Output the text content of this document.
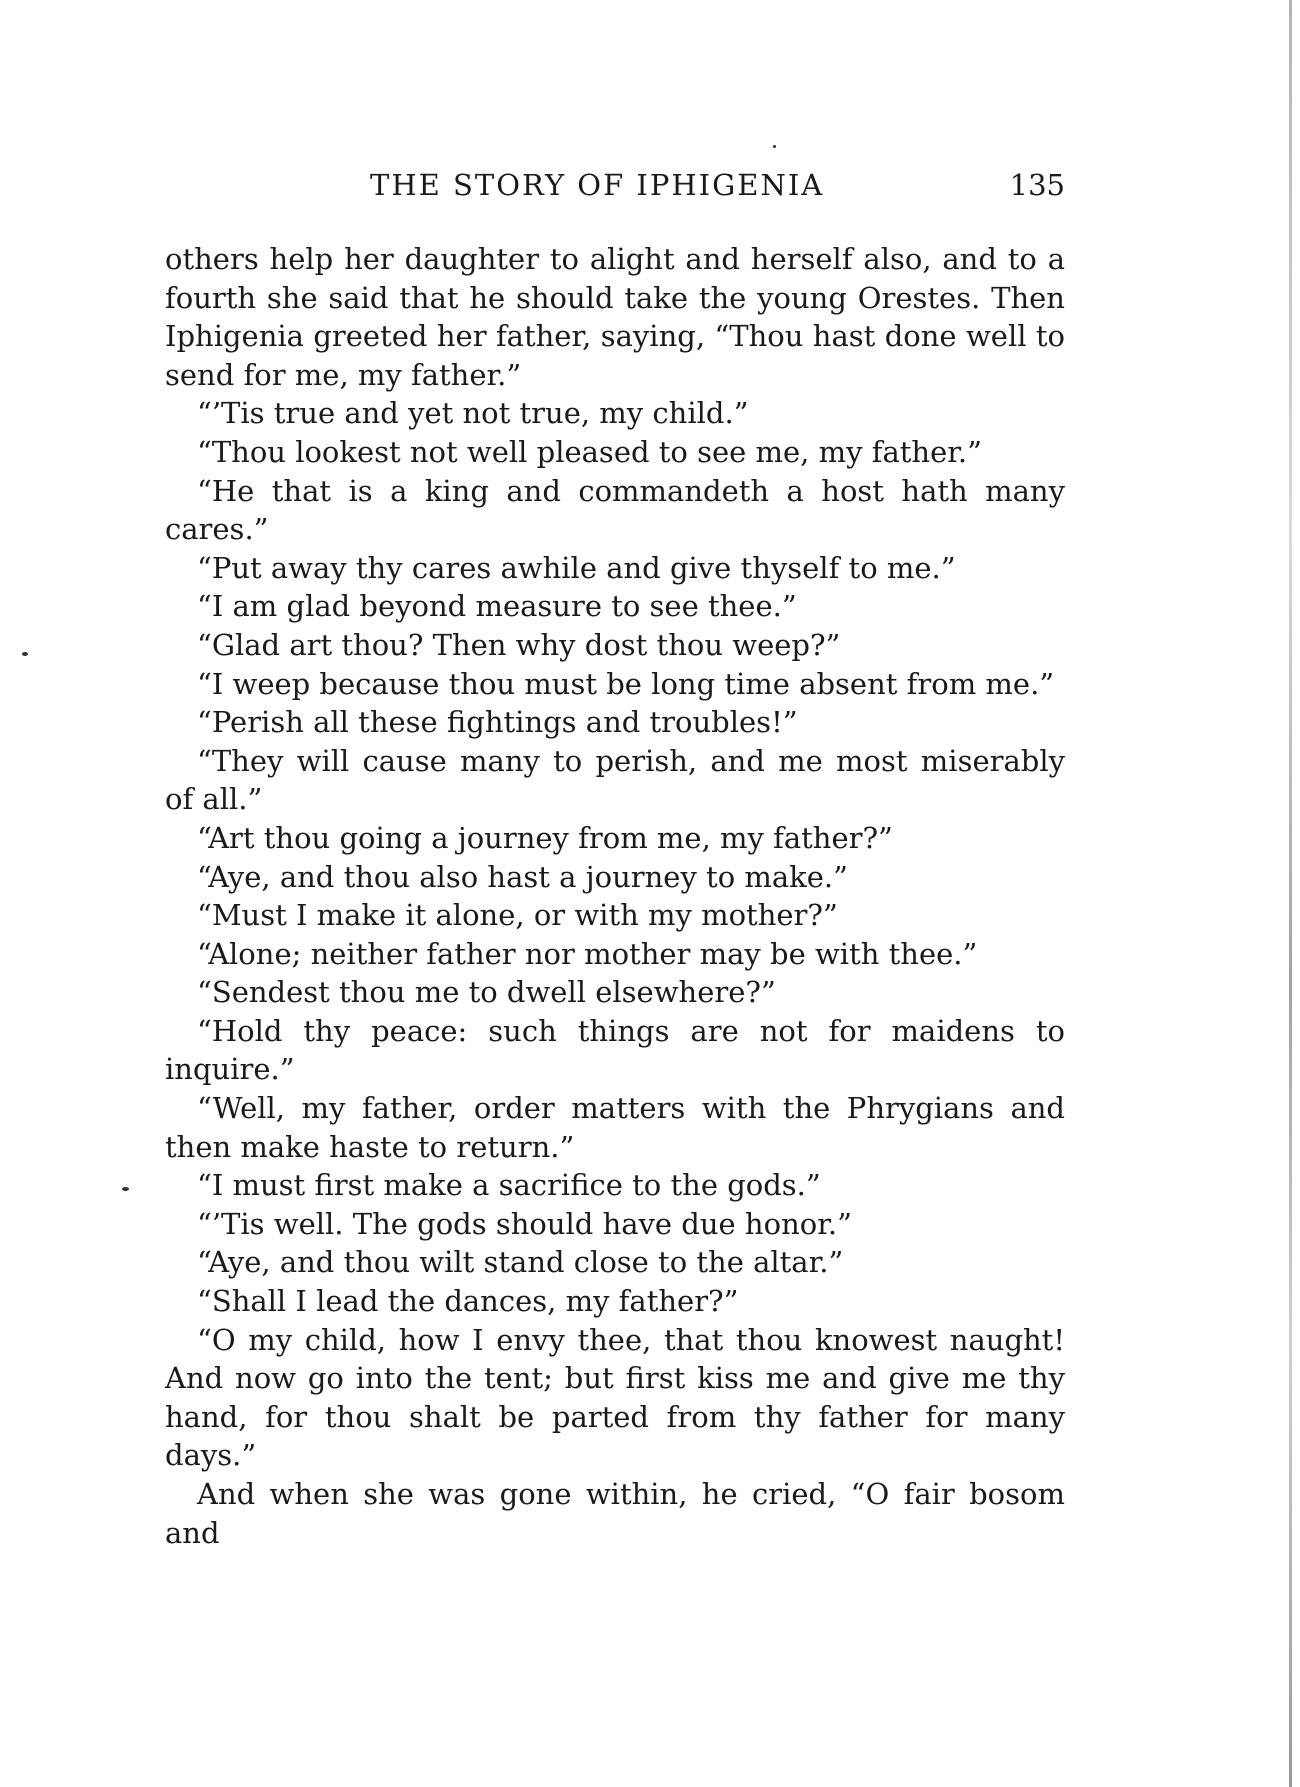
THE STORY OF IPHIGENIA	135

others help her daughter to alight and herself also, and to a fourth she said that he should take the young Orestes. Then Iphigenia greeted her father, saying, “Thou hast done well to send for me, my father.”

“’Tis true and yet not true, my child.”

“Thou lookest not well pleased to see me, my father.”

“He that is a king and commandeth a host hath many cares.”

“Put away thy cares awhile and give thyself to me.”

“I am glad beyond measure to see thee.”

“Glad art thou? Then why dost thou weep?”

“I weep because thou must be long time absent from me.”

“Perish all these fightings and troubles!”

“They will cause many to perish, and me most miserably of all.”

“Art thou going a journey from me, my father?”

“Aye, and thou also hast a journey to make.”

“Must I make it alone, or with my mother?”

“Alone; neither father nor mother may be with thee.”

“Sendest thou me to dwell elsewhere?”

“Hold thy peace: such things are not for maidens to inquire.”

“Well, my father, order matters with the Phrygians and then make haste to return.”

“I must first make a sacrifice to the gods.”

“’Tis well. The gods should have due honor.”

“Aye, and thou wilt stand close to the altar.”

“Shall I lead the dances, my father?”

“O my child, how I envy thee, that thou knowest naught! And now go into the tent; but first kiss me and give me thy hand, for thou shalt be parted from thy father for many days.”

And when she was gone within, he cried, “O fair bosom and
